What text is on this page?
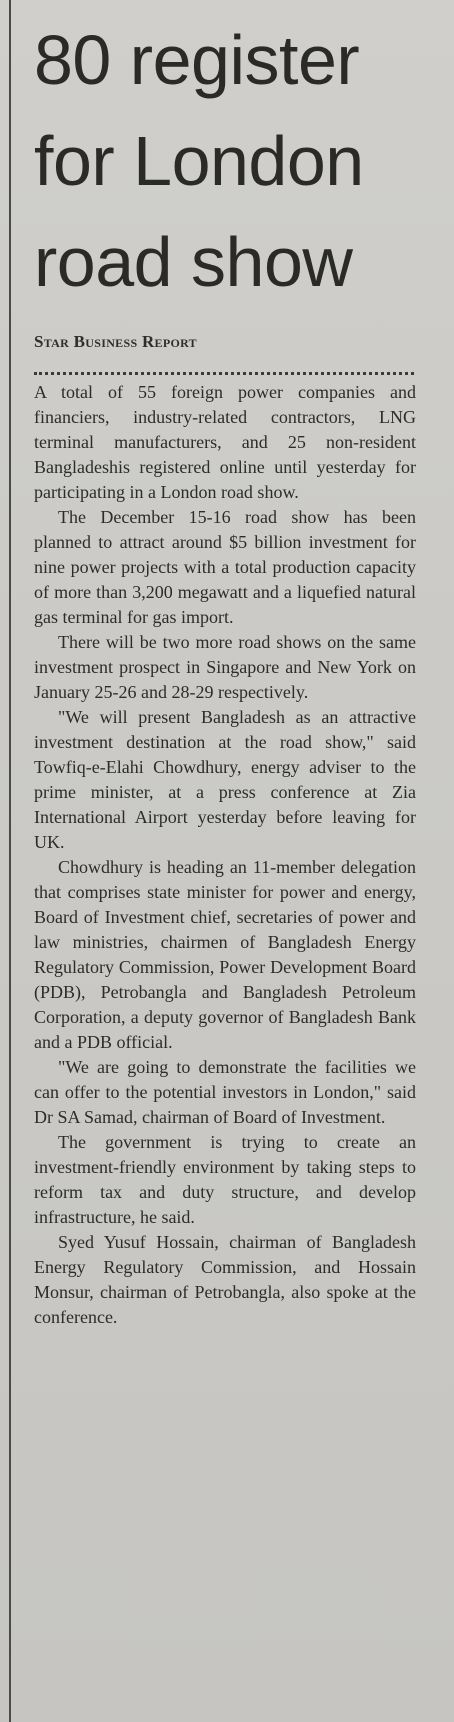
80 register
for London
road show
Star Business Report

A total of 55 foreign power companies and financiers, industry-related contractors, LNG terminal manufacturers, and 25 non-resident Bangladeshis registered online until yesterday for participating in a London road show.

The December 15-16 road show has been planned to attract around $5 billion investment for nine power projects with a total production capacity of more than 3,200 megawatt and a liquefied natural gas terminal for gas import.

There will be two more road shows on the same investment prospect in Singapore and New York on January 25-26 and 28-29 respectively.

"We will present Bangladesh as an attractive investment destination at the road show," said Towfiq-e-Elahi Chowdhury, energy adviser to the prime minister, at a press conference at Zia International Airport yesterday before leaving for UK.

Chowdhury is heading an 11-member delegation that comprises state minister for power and energy, Board of Investment chief, secretaries of power and law ministries, chairmen of Bangladesh Energy Regulatory Commission, Power Development Board (PDB), Petrobangla and Bangladesh Petroleum Corporation, a deputy governor of Bangladesh Bank and a PDB official.

"We are going to demonstrate the facilities we can offer to the potential investors in London," said Dr SA Samad, chairman of Board of Investment.

The government is trying to create an investment-friendly environment by taking steps to reform tax and duty structure, and develop infrastructure, he said.

Syed Yusuf Hossain, chairman of Bangladesh Energy Regulatory Commission, and Hossain Monsur, chairman of Petrobangla, also spoke at the conference.
